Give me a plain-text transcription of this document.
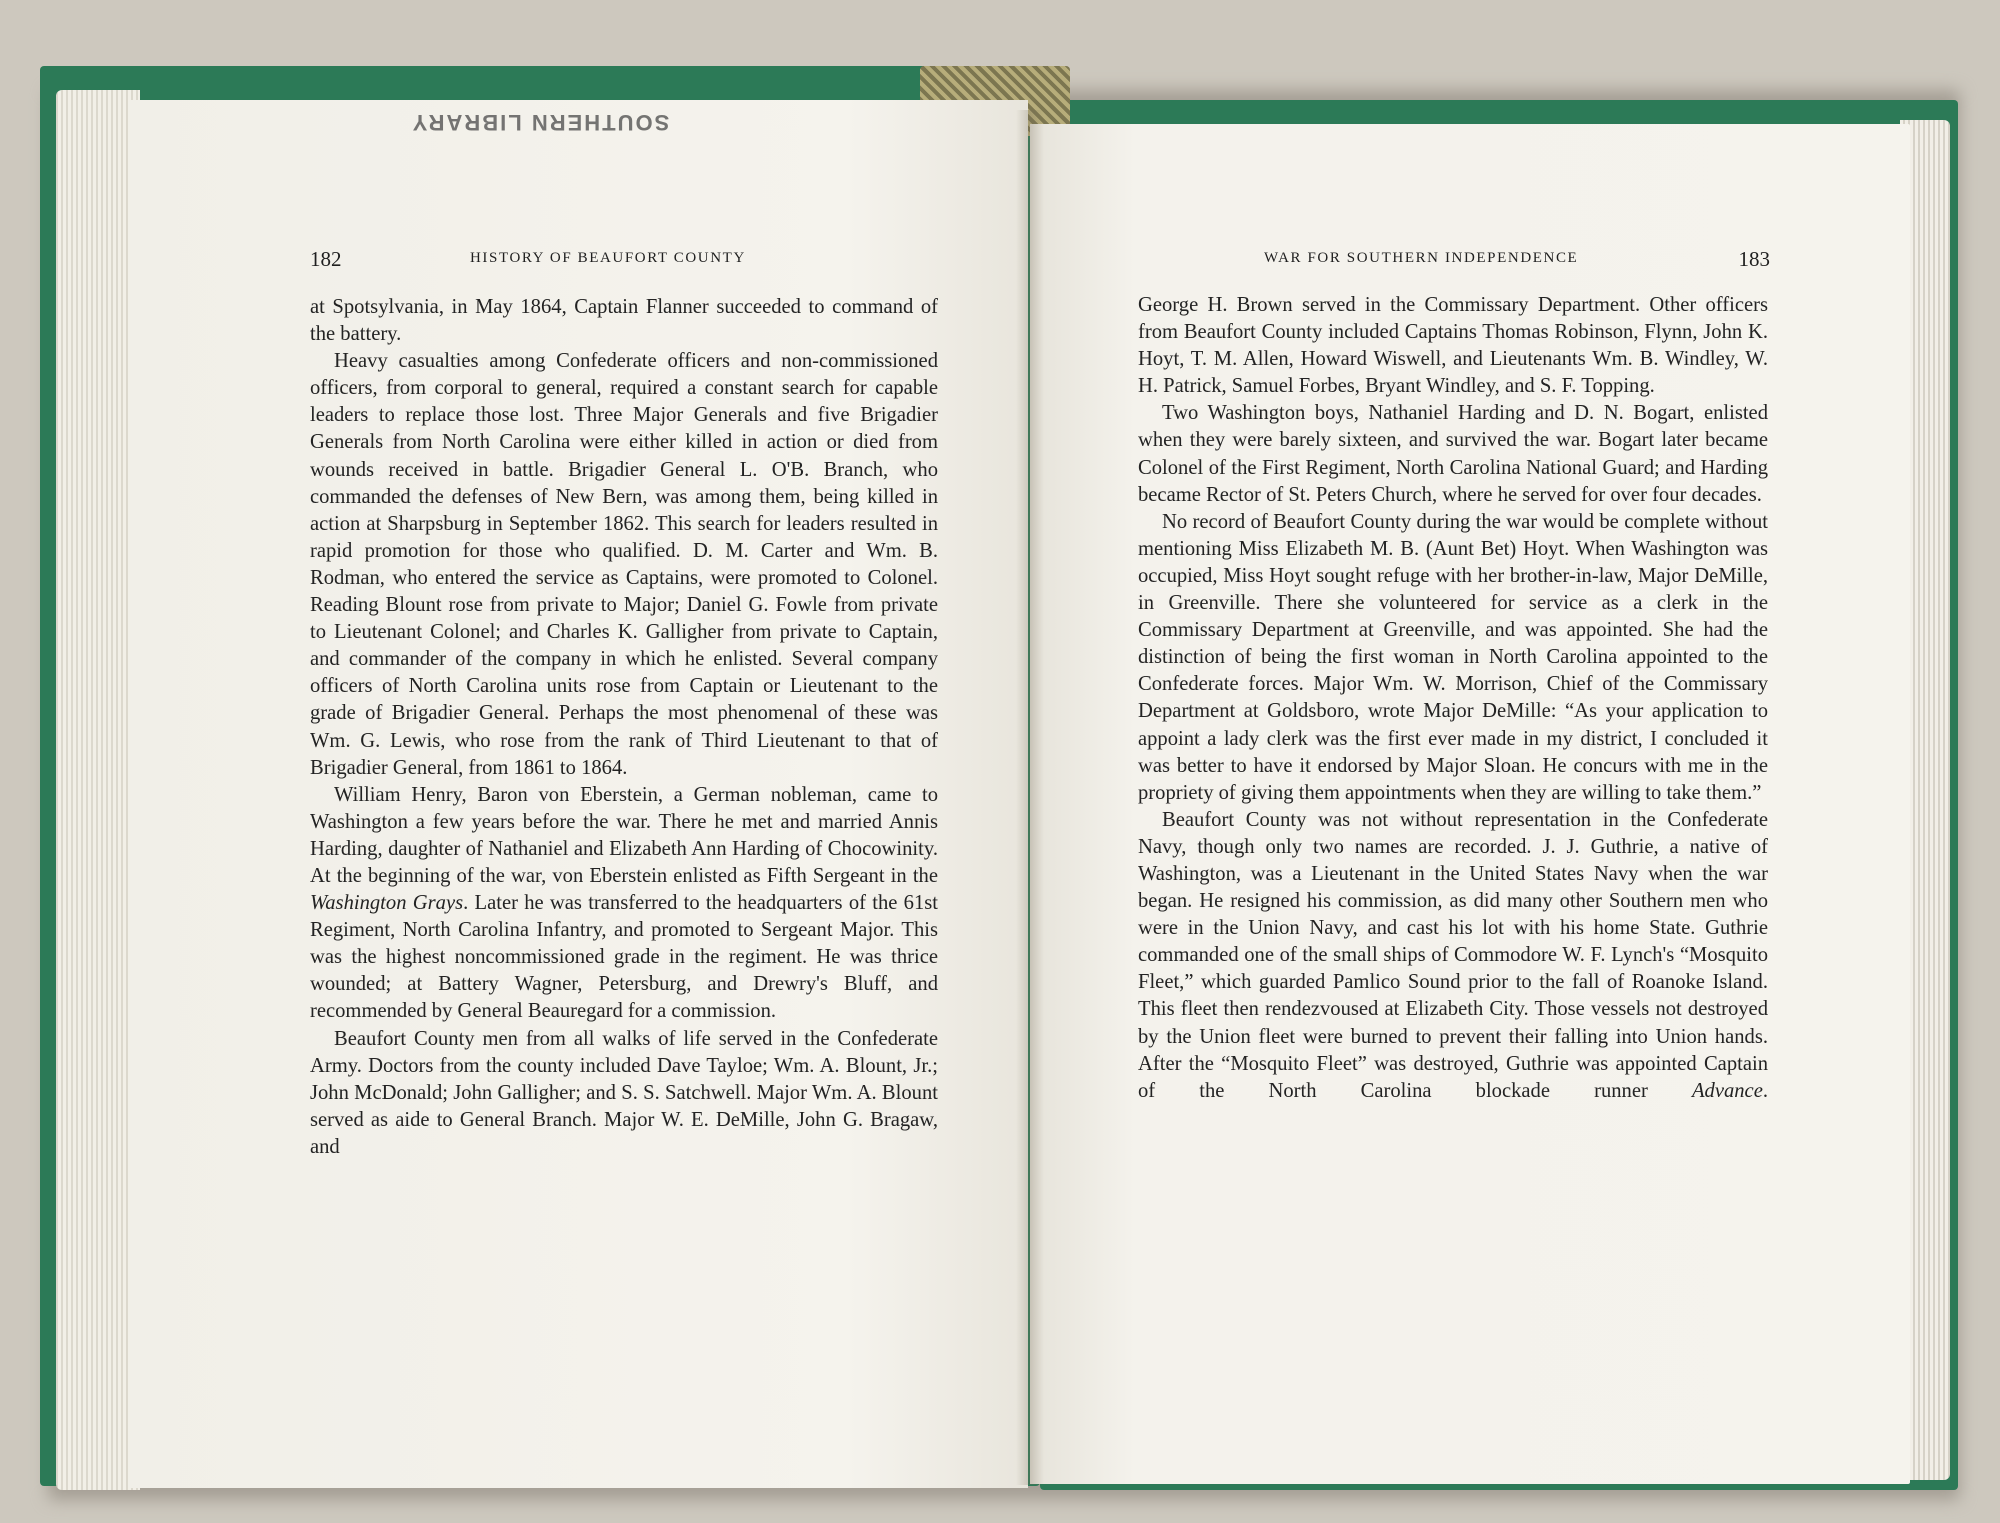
SOUTHERN LIBRARY
182	HISTORY OF BEAUFORT COUNTY	WAR FOR SOUTHERN INDEPENDENCE	183

at Spotsylvania, in May 1864, Captain Flanner succeeded to command of the battery.

Heavy casualties among Confederate officers and non-commissioned officers, from corporal to general, required a constant search for capable leaders to replace those lost. Three Major Generals and five Brigadier Generals from North Carolina were either killed in action or died from wounds received in battle. Brigadier General L. O'B. Branch, who commanded the defenses of New Bern, was among them, being killed in action at Sharpsburg in September 1862. This search for leaders resulted in rapid promotion for those who qualified. D. M. Carter and Wm. B. Rodman, who entered the service as Captains, were promoted to Colonel. Reading Blount rose from private to Major; Daniel G. Fowle from private to Lieutenant Colonel; and Charles K. Galligher from private to Captain, and commander of the company in which he enlisted. Several company officers of North Carolina units rose from Captain or Lieutenant to the grade of Brigadier General. Perhaps the most phenomenal of these was Wm. G. Lewis, who rose from the rank of Third Lieutenant to that of Brigadier General, from 1861 to 1864.

William Henry, Baron von Eberstein, a German nobleman, came to Washington a few years before the war. There he met and married Annis Harding, daughter of Nathaniel and Elizabeth Ann Harding of Chocowinity. At the beginning of the war, von Eberstein enlisted as Fifth Sergeant in the Washington Grays. Later he was transferred to the headquarters of the 61st Regiment, North Carolina Infantry, and promoted to Sergeant Major. This was the highest noncommissioned grade in the regiment. He was thrice wounded; at Battery Wagner, Petersburg, and Drewry's Bluff, and recommended by General Beauregard for a commission.

Beaufort County men from all walks of life served in the Confederate Army. Doctors from the county included Dave Tayloe; Wm. A. Blount, Jr.; John McDonald; John Galligher; and S. S. Satchwell. Major Wm. A. Blount served as aide to General Branch. Major W. E. DeMille, John G. Bragaw, and

George H. Brown served in the Commissary Department. Other officers from Beaufort County included Captains Thomas Robinson, Flynn, John K. Hoyt, T. M. Allen, Howard Wiswell, and Lieutenants Wm. B. Windley, W. H. Patrick, Samuel Forbes, Bryant Windley, and S. F. Topping.

Two Washington boys, Nathaniel Harding and D. N. Bogart, enlisted when they were barely sixteen, and survived the war. Bogart later became Colonel of the First Regiment, North Carolina National Guard; and Harding became Rector of St. Peters Church, where he served for over four decades.

No record of Beaufort County during the war would be complete without mentioning Miss Elizabeth M. B. (Aunt Bet) Hoyt. When Washington was occupied, Miss Hoyt sought refuge with her brother-in-law, Major DeMille, in Greenville. There she volunteered for service as a clerk in the Commissary Department at Greenville, and was appointed. She had the distinction of being the first woman in North Carolina appointed to the Confederate forces. Major Wm. W. Morrison, Chief of the Commissary Department at Goldsboro, wrote Major DeMille: “As your application to appoint a lady clerk was the first ever made in my district, I concluded it was better to have it endorsed by Major Sloan. He concurs with me in the propriety of giving them appointments when they are willing to take them.”

Beaufort County was not without representation in the Confederate Navy, though only two names are recorded. J. J. Guthrie, a native of Washington, was a Lieutenant in the United States Navy when the war began. He resigned his commission, as did many other Southern men who were in the Union Navy, and cast his lot with his home State. Guthrie commanded one of the small ships of Commodore W. F. Lynch's “Mosquito Fleet,” which guarded Pamlico Sound prior to the fall of Roanoke Island. This fleet then rendezvoused at Elizabeth City. Those vessels not destroyed by the Union fleet were burned to prevent their falling into Union hands. After the “Mosquito Fleet” was destroyed, Guthrie was appointed Captain of the North Carolina blockade runner Advance.
